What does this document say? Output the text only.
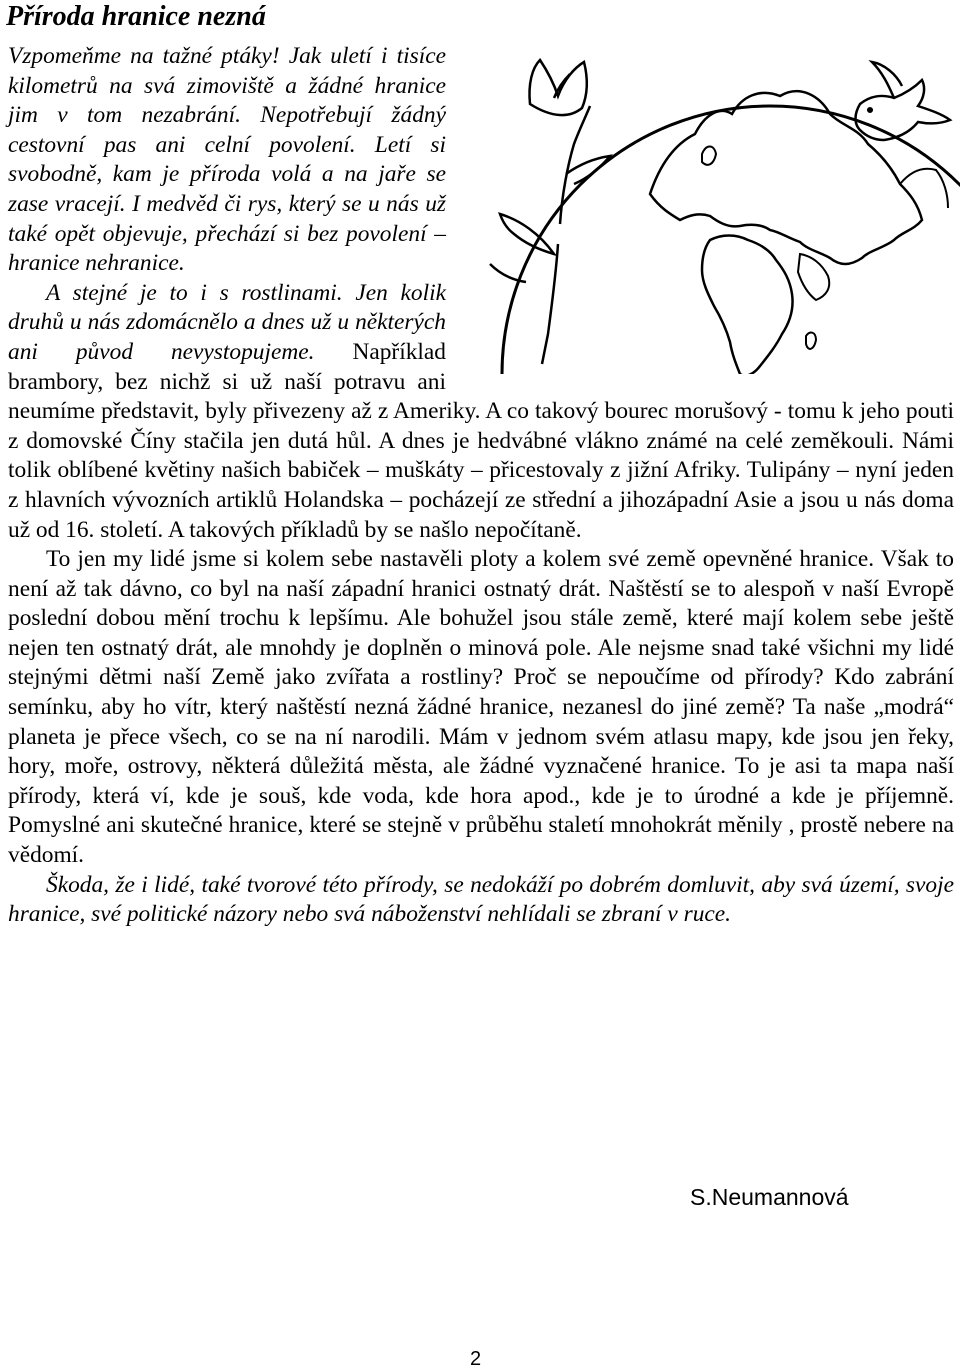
Příroda hranice nezná

Vzpomeňme na tažné ptáky! Jak uletí i tisíce kilometrů na svá zimoviště a žádné hranice jim v tom nezabrání. Nepotřebují žádný cestovní pas ani celní povolení. Letí si svobodně, kam je příroda volá a na jaře se zase vracejí. I medvěd či rys, který se u nás už také opět objevuje, přechází si bez povolení – hranice nehranice.

A stejné je to i s rostlinami. Jen kolik druhů u nás zdomácnělo a dnes už u některých ani původ nevystopujeme. Například brambory, bez nichž si už naší potravu ani neumíme představit, byly přivezeny až z Ameriky. A co takový bourec morušový - tomu k jeho pouti z domovské Číny stačila jen dutá hůl. A dnes je hedvábné vlákno známé na celé zeměkouli. Námi tolik oblíbené květiny našich babiček – muškáty – přicestovaly z jižní Afriky. Tulipány – nyní jeden z hlavních vývozních artiklů Holandska – pocházejí ze střední a jihozápadní Asie a jsou u nás doma už od 16. století. A takových příkladů by se našlo nepočítaně.

To jen my lidé jsme si kolem sebe nastavěli ploty a kolem své země opevněné hranice. Však to není až tak dávno, co byl na naší západní hranici ostnatý drát. Naštěstí se to alespoň v naší Evropě poslední dobou mění trochu k lepšímu. Ale bohužel jsou stále země, které mají kolem sebe ještě nejen ten ostnatý drát, ale mnohdy je doplněn o minová pole. Ale nejsme snad také všichni my lidé stejnými dětmi naší Země jako zvířata a rostliny? Proč se nepoučíme od přírody? Kdo zabrání semínku, aby ho vítr, který naštěstí nezná žádné hranice, nezanesl do jiné země? Ta naše „modrá“ planeta je přece všech, co se na ní narodili. Mám v jednom svém atlasu mapy, kde jsou jen řeky, hory, moře, ostrovy, některá důležitá města, ale žádné vyznačené hranice. To je asi ta mapa naší přírody, která ví, kde je souš, kde voda, kde hora apod., kde je to úrodné a kde je příjemně. Pomyslné ani skutečné hranice, které se stejně v průběhu staletí mnohokrát měnily , prostě nebere na vědomí.

Škoda, že i lidé, také tvorové této přírody, se nedokáží po dobrém domluvit, aby svá území, svoje hranice, své politické názory nebo svá náboženství nehlídali se zbraní v ruce.

S.Neumannová
2
